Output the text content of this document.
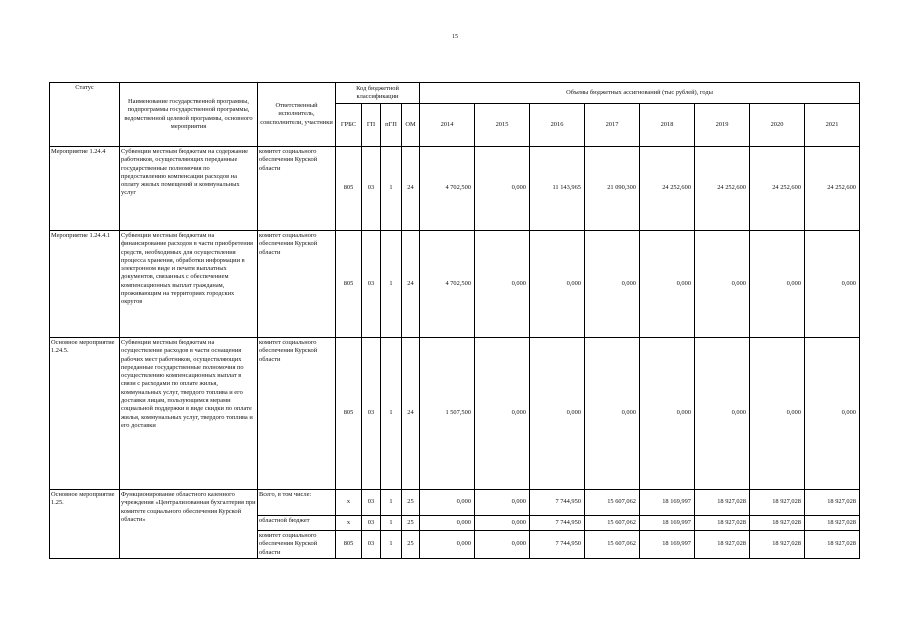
15
Статус	Наименование государственной программы, подпрограммы государственной программы, ведомственной целевой программы, основного мероприятия	Ответственный исполнитель, соисполнители, участники	Код бюджетной классификации				Объемы бюджетных ассигнований (тыс рублей), годы							
			ГРБС	ГП	пГП	ОМ	2014	2015	2016	2017	2018	2019	2020	2021
Мероприятие 1.24.4	Субвенции местным бюджетам на содержание работников, осуществляющих переданные государственные полномочия по предоставлению компенсации расходов на оплату жилых помещений и коммунальных услуг	комитет социального обеспечения Курской области	805	03	1	24	4 702,500	0,000	11 143,965	21 090,300	24 252,600	24 252,600	24 252,600	24 252,600
Мероприятие 1.24.4.1	Субвенции местным бюджетам на финансирование расходов в части приобретения средств, необходимых для осуществления процесса хранения, обработки информации в электронном виде и печати выплатных документов, связанных с обеспечением компенсационных выплат гражданам, проживающим на территориях городских округов	комитет социального обеспечения Курской области	805	03	1	24	4 702,500	0,000	0,000	0,000	0,000	0,000	0,000	0,000
Основное мероприятие 1.24.5.	Субвенции местным бюджетам на осуществление расходов в части оснащения рабочих мест работников, осуществляющих переданные государственные полномочия по осуществлению компенсационных выплат в связи с расходами по оплате жилья, коммунальных услуг, твердого топлива и его доставки лицам, пользующимся мерами социальной поддержки в виде скидки по оплате жилья, коммунальных услуг, твердого топлива и его доставки	комитет социального обеспечения Курской области	805	03	1	24	1 507,500	0,000	0,000	0,000	0,000	0,000	0,000	0,000
Основное мероприятие 1.25.	Функционирование областного казенного учреждения «Централизованная бухгалтерия при комитете социального обеспечения Курской области»	Всего, в том числе:	x	03	1	25	0,000	0,000	7 744,950	15 607,062	18 169,997	18 927,028	18 927,028	18 927,028
		областной бюджет	x	03	1	25	0,000	0,000	7 744,950	15 607,062	18 169,997	18 927,028	18 927,028	18 927,028
		комитет социального обеспечения Курской области	805	03	1	25	0,000	0,000	7 744,950	15 607,062	18 169,997	18 927,028	18 927,028	18 927,028
